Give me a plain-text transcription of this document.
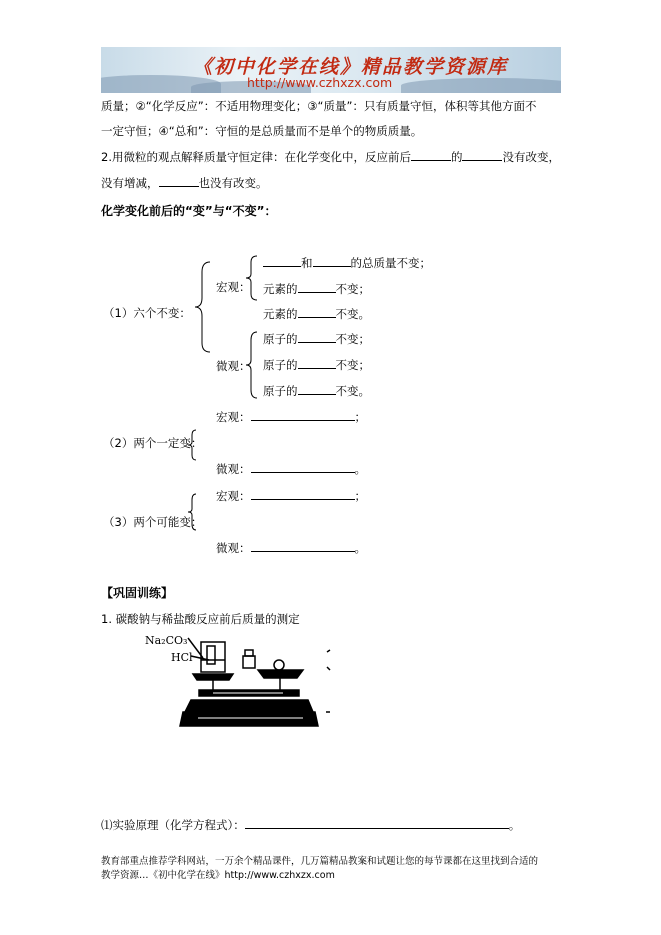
《初中化学在线》精品教学资源库
http://www.czhxzx.com
质量；②“化学反应”：不适用物理变化；③“质量”：只有质量守恒，体积等其他方面不
一定守恒；④“总和”：守恒的是总质量而不是单个的物质质量。
2.用微粒的观点解释质量守恒定律：在化学变化中，反应前后	的	没有改变，
没有增减，	也没有改变。
化学变化前后的“变”与“不变”：
（1）六个不变：
宏观：
和	的总质量不变；
元素的	不变；
元素的	不变。
微观：
原子的	不变；
原子的	不变；
原子的	不变。
宏观：	；
（2）两个一定变：
微观：	。
宏观：	；
（3）两个可能变：
微观：	。
【巩固训练】
1. 碳酸钠与稀盐酸反应前后质量的测定
Na₂CO₃
HCl
⑴实验原理（化学方程式）：	。
教育部重点推荐学科网站，一万余个精品课件，几万篇精品教案和试题让您的每节课都在这里找到合适的
教学资源…《初中化学在线》http://www.czhxzx.com
